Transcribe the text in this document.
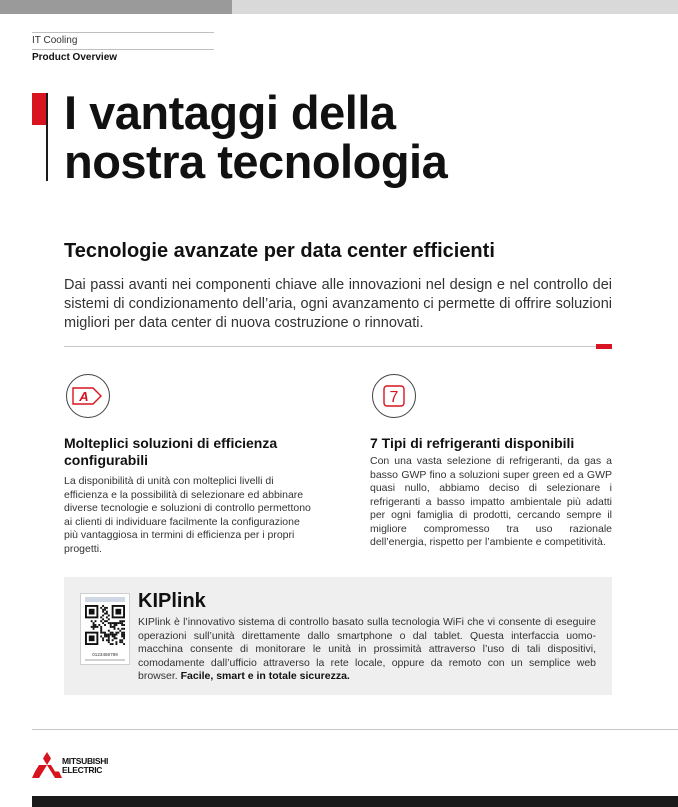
IT Cooling
Product Overview
I vantaggi della
nostra tecnologia
Tecnologie avanzate per data center efficienti

Dai passi avanti nei componenti chiave alle innovazioni nel design e nel controllo dei sistemi di condizionamento dell’aria, ogni avanzamento ci permette di offrire soluzioni migliori per data center di nuova costruzione o rinnovati.

A
Molteplici soluzioni di efficienza configurabili

La disponibilità di unità con molteplici livelli di efficienza e la possibilità di selezionare ed abbinare diverse tecnologie e soluzioni di controllo permettono ai clienti di individuare facilmente la configurazione più vantaggiosa in termini di efficienza per i propri progetti.

7
7 Tipi di refrigeranti disponibili

Con una vasta selezione di refrigeranti, da gas a basso GWP fino a soluzioni super green ed a GWP quasi nullo, abbiamo deciso di selezionare i refrigeranti a basso impatto ambientale più adatti per ogni famiglia di prodotti, cercando sempre il migliore compromesso tra uso razionale dell’energia, rispetto per l’ambiente e competitività.

0123456789
KIPlink

KIPlink è l’innovativo sistema di controllo basato sulla tecnologia WiFi che vi consente di eseguire operazioni sull’unità direttamente dallo smartphone o dal tablet. Questa interfaccia uomo-macchina consente di monitorare le unità in prossimità attraverso l’uso di tali dispositivi, comodamente dall’ufficio attraverso la rete locale, oppure da remoto con un semplice web browser. Facile, smart e in totale sicurezza.

MITSUBISHI
ELECTRIC
